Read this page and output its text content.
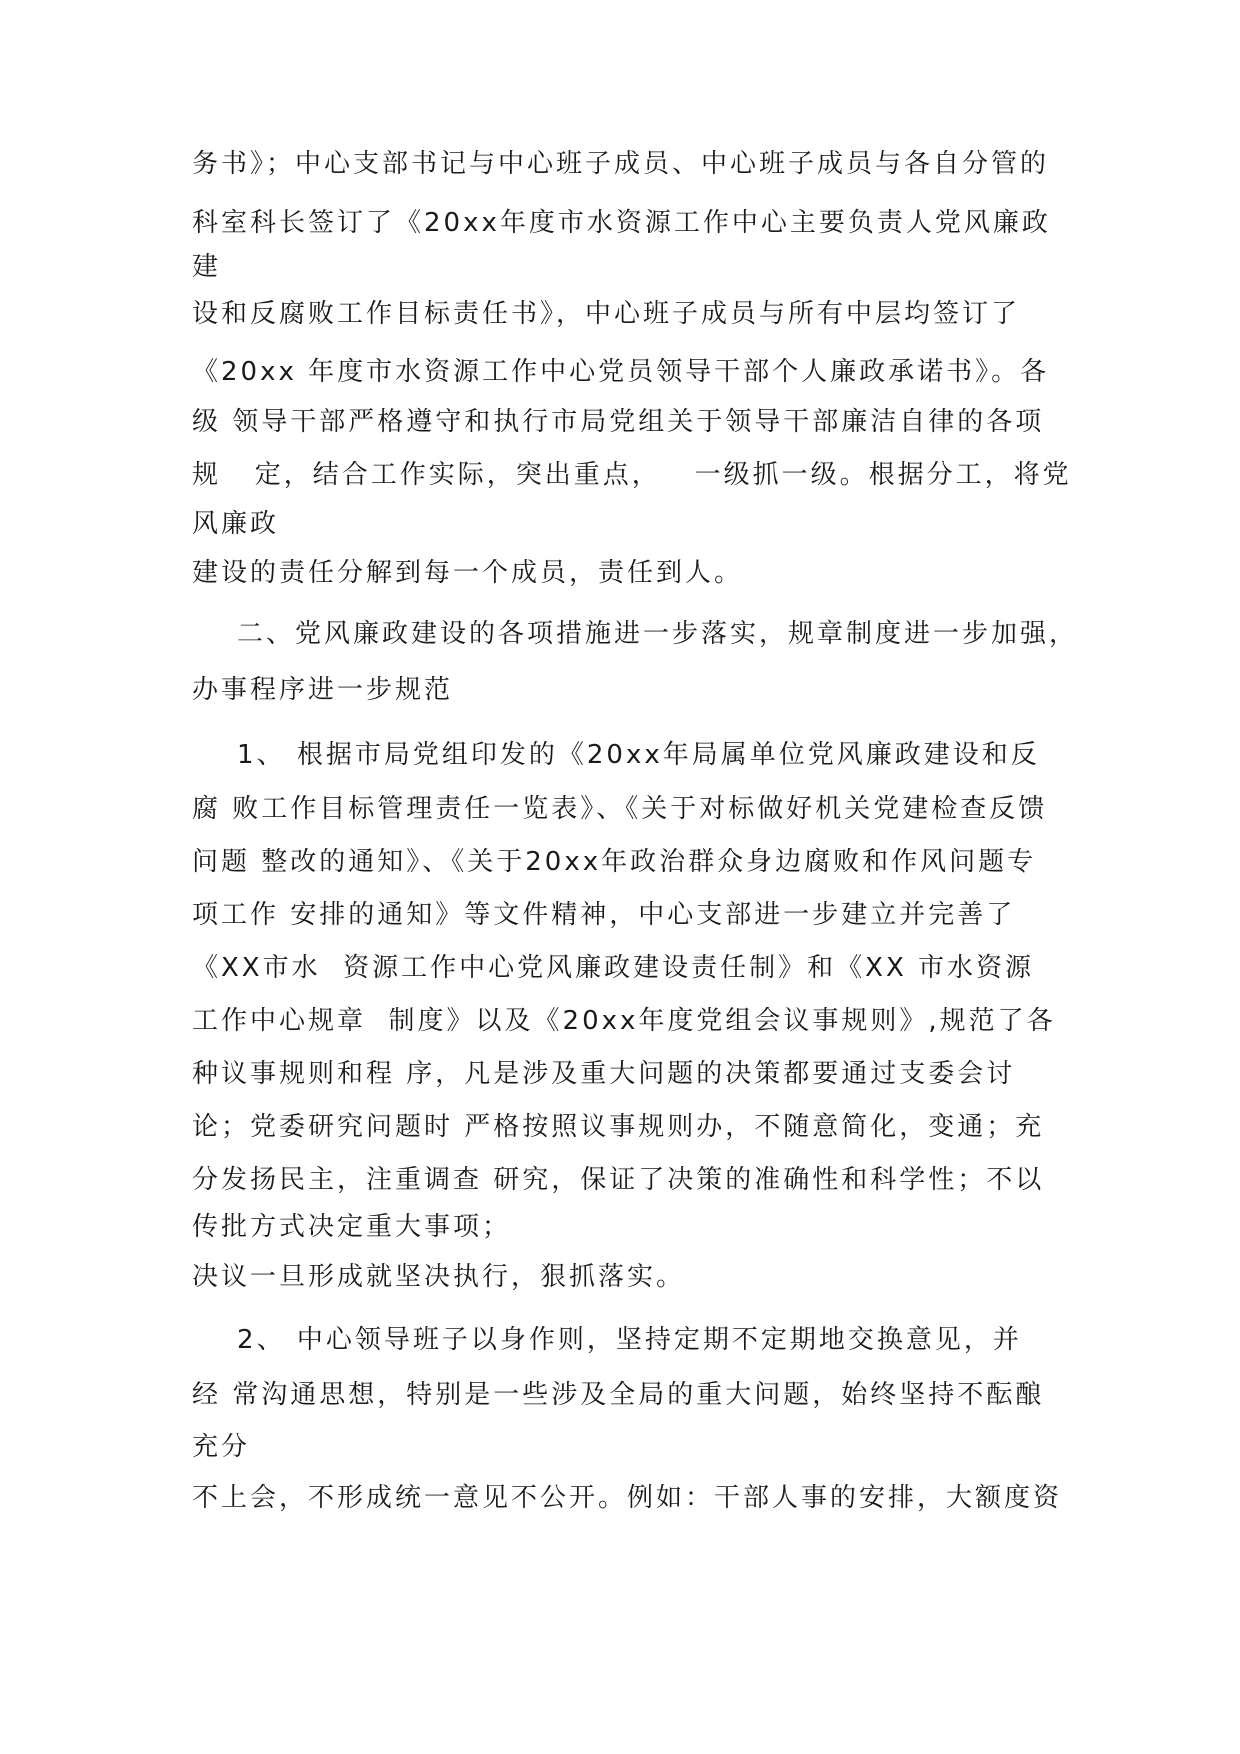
务书》；中心支部书记与中心班子成员、中心班子成员与各自分管的

科室科长签订了《20xx年度市水资源工作中心主要负责人党风廉政

建

设和反腐败工作目标责任书》，中心班子成员与所有中层均签订了

《20xx 年度市水资源工作中心党员领导干部个人廉政承诺书》。各

级 领导干部严格遵守和执行市局党组关于领导干部廉洁自律的各项

规   定，结合工作实际，突出重点，   一级抓一级。根据分工，将党

风廉政

建设的责任分解到每一个成员，责任到人。

二、党风廉政建设的各项措施进一步落实，规章制度进一步加强，

办事程序进一步规范

1、 根据市局党组印发的《20xx年局属单位党风廉政建设和反

腐 败工作目标管理责任一览表》、《关于对标做好机关党建检查反馈

问题 整改的通知》、《关于20xx年政治群众身边腐败和作风问题专

项工作 安排的通知》等文件精神，中心支部进一步建立并完善了

《XX市水  资源工作中心党风廉政建设责任制》和《XX 市水资源

工作中心规章  制度》以及《20xx年度党组会议事规则》,规范了各

种议事规则和程 序，凡是涉及重大问题的决策都要通过支委会讨

论；党委研究问题时 严格按照议事规则办，不随意简化，变通；充

分发扬民主，注重调查 研究，保证了决策的准确性和科学性；不以

传批方式决定重大事项；

决议一旦形成就坚决执行，狠抓落实。

2、 中心领导班子以身作则，坚持定期不定期地交换意见，并

经 常沟通思想，特别是一些涉及全局的重大问题，始终坚持不酝酿

充分

不上会，不形成统一意见不公开。例如：干部人事的安排，大额度资
